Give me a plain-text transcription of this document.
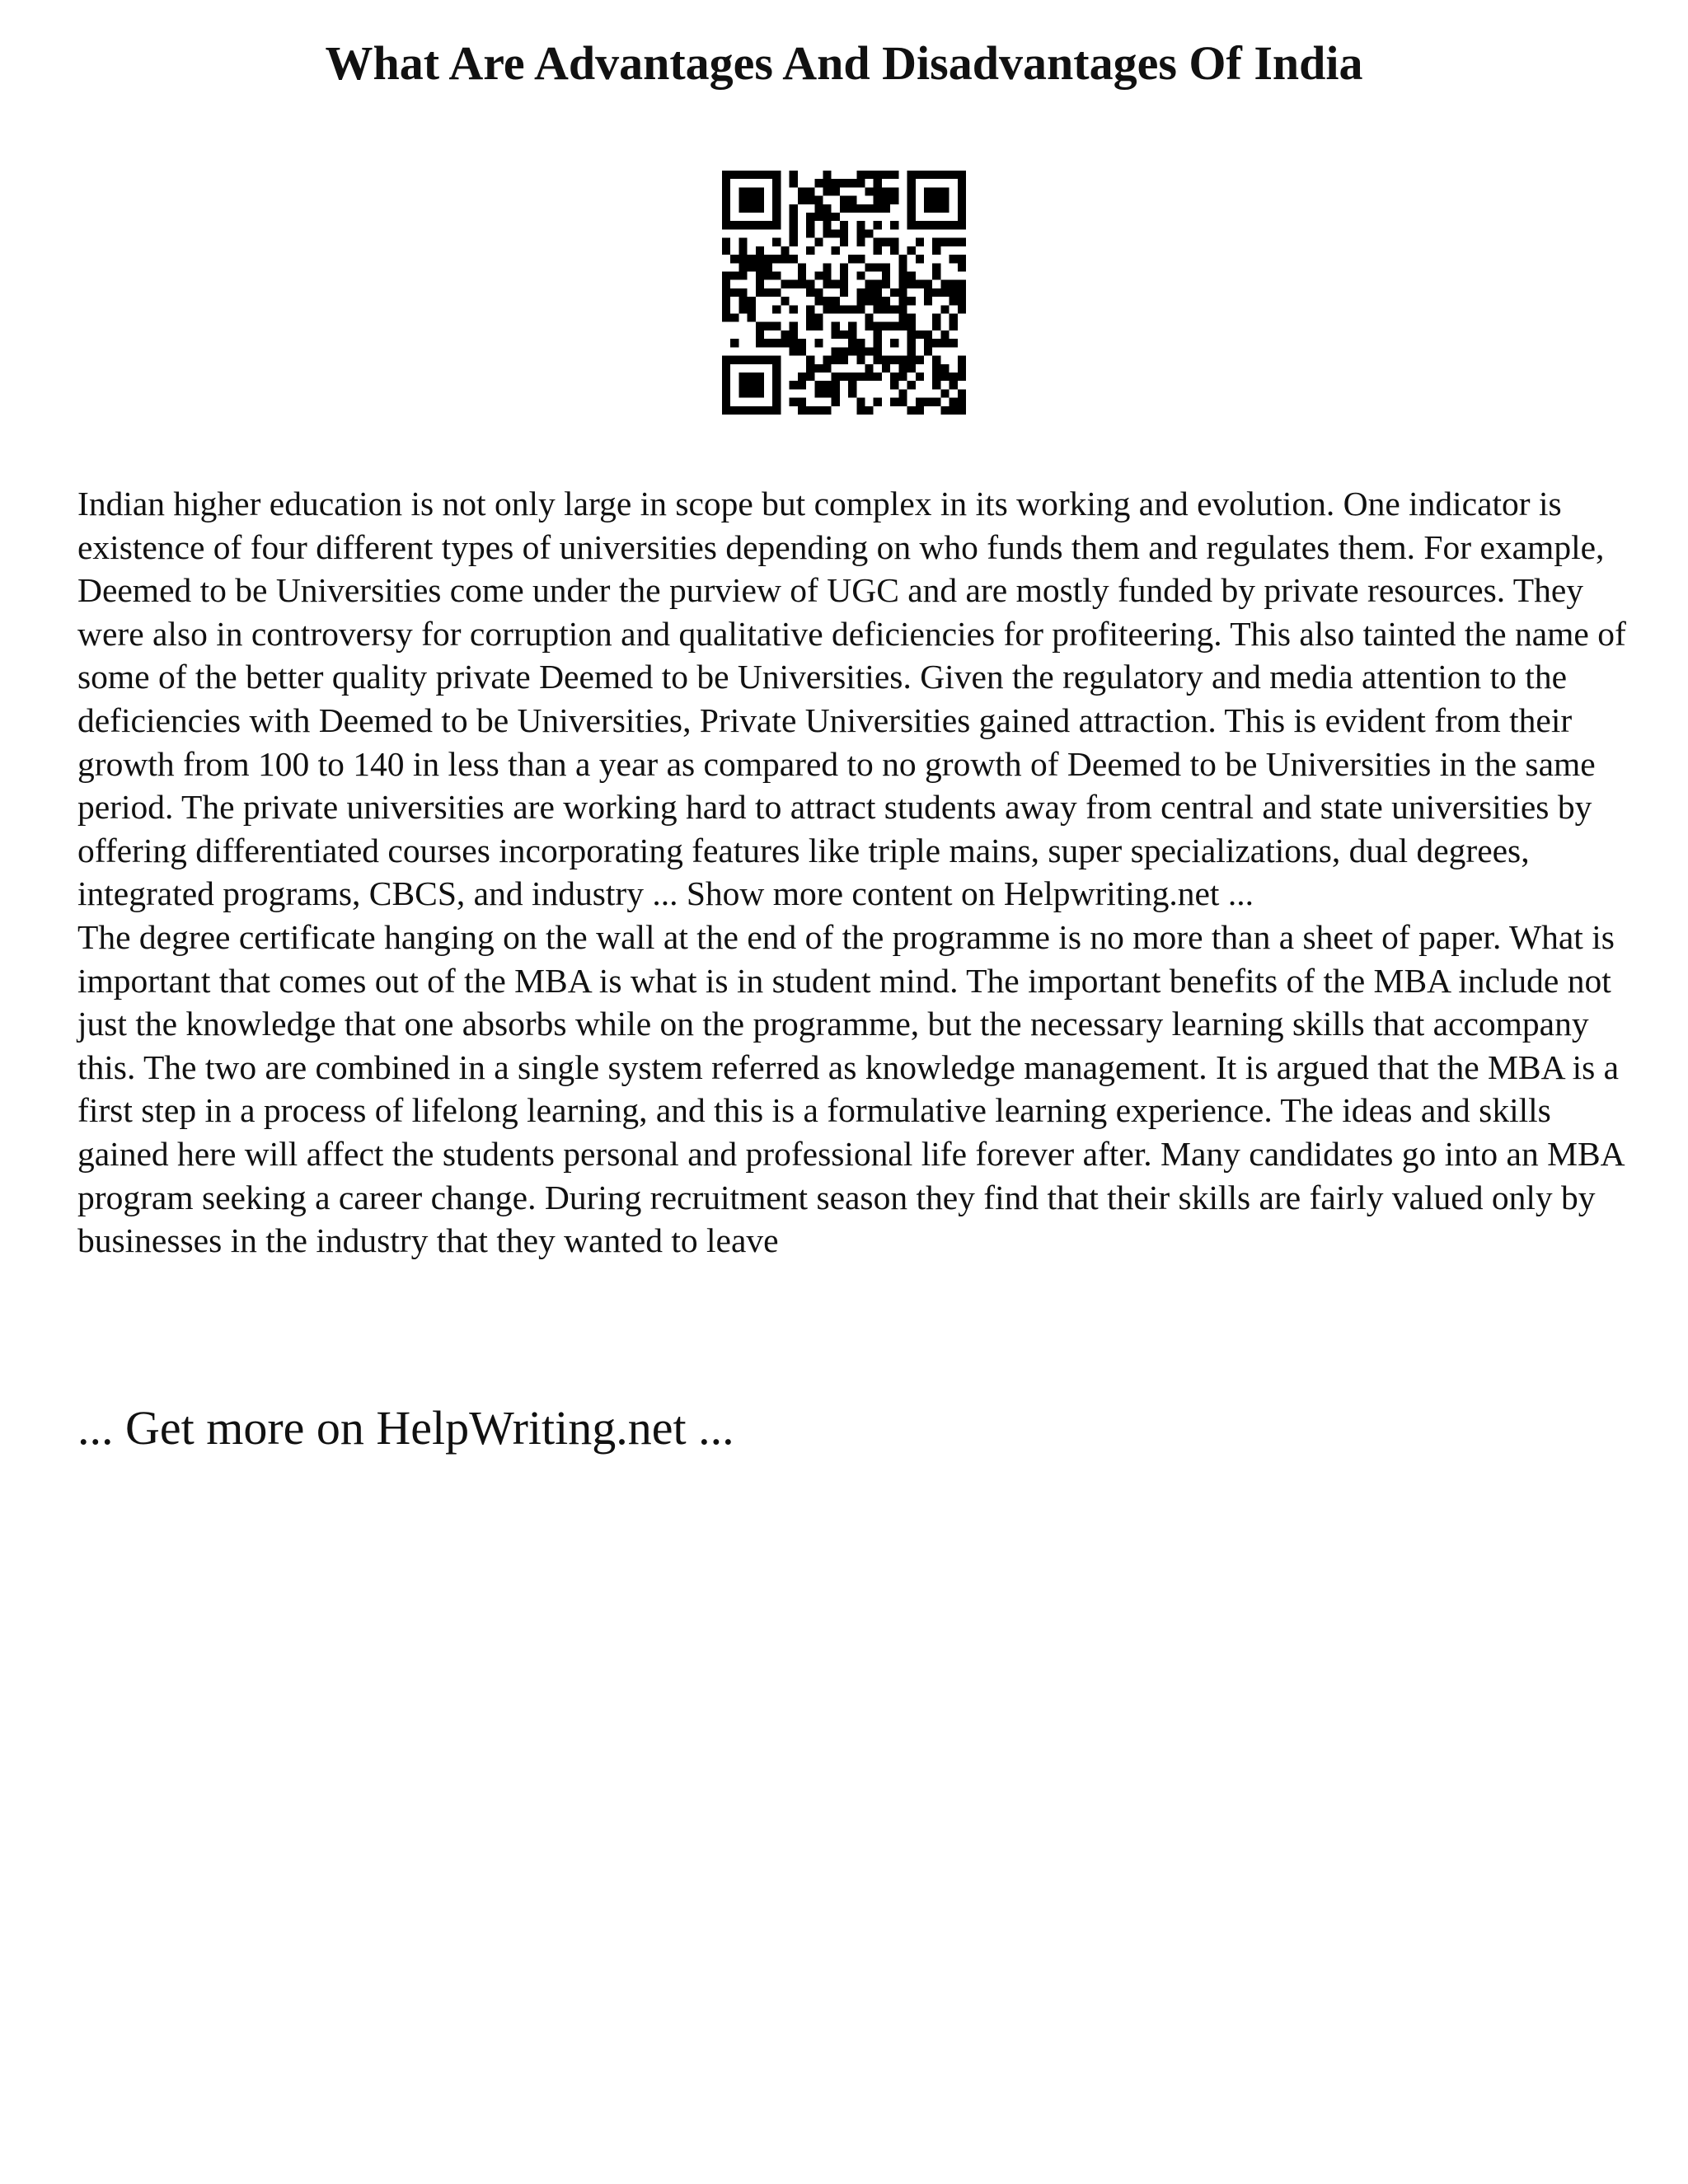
What Are Advantages And Disadvantages Of India

Indian higher education is not only large in scope but complex in its working and evolution. One indicator is existence of four different types of universities depending on who funds them and regulates them. For example, Deemed to be Universities come under the purview of UGC and are mostly funded by private resources. They were also in controversy for corruption and qualitative deficiencies for profiteering. This also tainted the name of some of the better quality private Deemed to be Universities. Given the regulatory and media attention to the deficiencies with Deemed to be Universities, Private Universities gained attraction. This is evident from their growth from 100 to 140 in less than a year as compared to no growth of Deemed to be Universities in the same period. The private universities are working hard to attract students away from central and state universities by offering differentiated courses incorporating features like triple mains, super specializations, dual degrees, integrated programs, CBCS, and industry ... Show more content on Helpwriting.net ...

The degree certificate hanging on the wall at the end of the programme is no more than a sheet of paper. What is important that comes out of the MBA is what is in student mind. The important benefits of the MBA include not just the knowledge that one absorbs while on the programme, but the necessary learning skills that accompany this. The two are combined in a single system referred as knowledge management. It is argued that the MBA is a first step in a process of lifelong learning, and this is a formulative learning experience. The ideas and skills gained here will affect the students personal and professional life forever after. Many candidates go into an MBA program seeking a career change. During recruitment season they find that their skills are fairly valued only by businesses in the industry that they wanted to leave

... Get more on HelpWriting.net ...
